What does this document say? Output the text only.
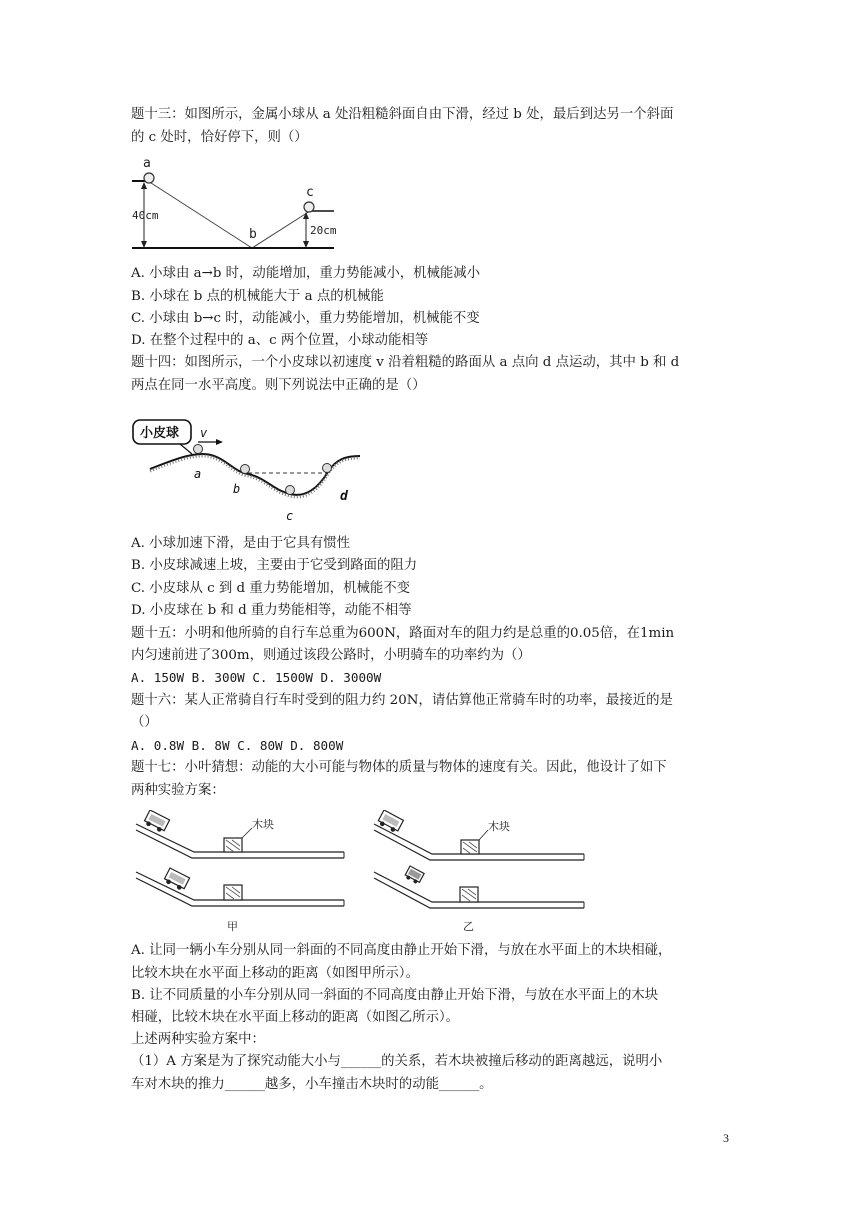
题十三：如图所示，金属小球从 a 处沿粗糙斜面自由下滑，经过 b 处，最后到达另一个斜面
的 c 处时，恰好停下，则（）
a
b
c
40cm
20cm
A. 小球由 a→b 时，动能增加，重力势能减小，机械能减小
B. 小球在 b 点的机械能大于 a 点的机械能
C. 小球由 b→c 时，动能减小，重力势能增加，机械能不变
D. 在整个过程中的 a、c 两个位置，小球动能相等
题十四：如图所示，一个小皮球以初速度 v 沿着粗糙的路面从 a 点向 d 点运动，其中 b 和 d
两点在同一水平高度。则下列说法中正确的是（）
小皮球 v
a
b
c
d
A. 小球加速下滑，是由于它具有惯性
B. 小皮球减速上坡，主要由于它受到路面的阻力
C. 小皮球从 c 到 d 重力势能增加，机械能不变
D. 小皮球在 b 和 d 重力势能相等，动能不相等
题十五：小明和他所骑的自行车总重为600N，路面对车的阻力约是总重的0.05倍，在1min
内匀速前进了300m，则通过该段公路时，小明骑车的功率约为（）
A. 150W B. 300W C. 1500W D. 3000W
题十六：某人正常骑自行车时受到的阻力约 20N，请估算他正常骑车时的功率，最接近的是
（）
A. 0.8W B. 8W C. 80W D. 800W
题十七：小叶猜想：动能的大小可能与物体的质量与物体的速度有关。因此，他设计了如下
两种实验方案：
木块
甲
木块
乙
A. 让同一辆小车分别从同一斜面的不同高度由静止开始下滑，与放在水平面上的木块相碰，
比较木块在水平面上移动的距离（如图甲所示）。
B. 让不同质量的小车分别从同一斜面的不同高度由静止开始下滑，与放在水平面上的木块
相碰，比较木块在水平面上移动的距离（如图乙所示）。
上述两种实验方案中：
（1）A 方案是为了探究动能大小与______的关系，若木块被撞后移动的距离越远，说明小
车对木块的推力______越多，小车撞击木块时的动能______。
3
